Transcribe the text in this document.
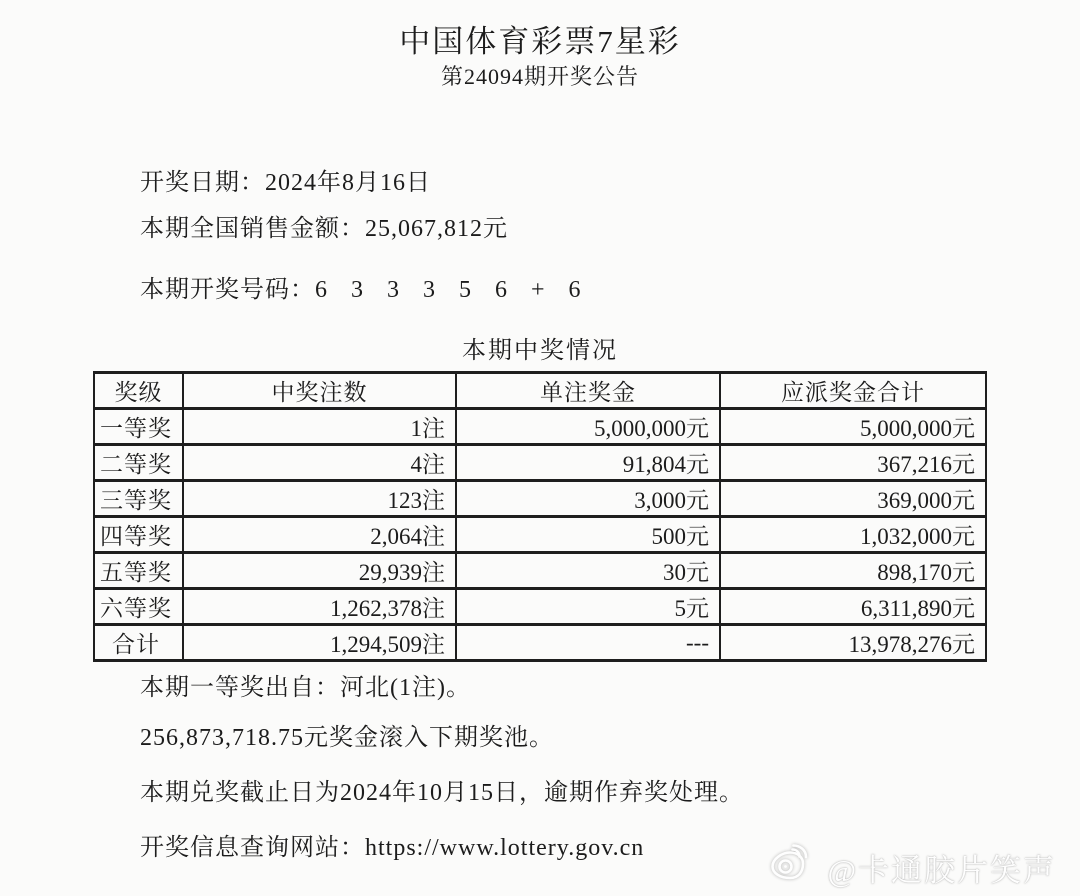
中国体育彩票7星彩
第24094期开奖公告
开奖日期：2024年8月16日
本期全国销售金额：25,067,812元
本期开奖号码：6 3 3 3 5 6 + 6
本期中奖情况
奖级	中奖注数	单注奖金	应派奖金合计
一等奖	1注	5,000,000元	5,000,000元
二等奖	4注	91,804元	367,216元
三等奖	123注	3,000元	369,000元
四等奖	2,064注	500元	1,032,000元
五等奖	29,939注	30元	898,170元
六等奖	1,262,378注	5元	6,311,890元
合计	1,294,509注	---	13,978,276元
本期一等奖出自：河北(1注)。
256,873,718.75元奖金滚入下期奖池。
本期兑奖截止日为2024年10月15日，逾期作弃奖处理。
开奖信息查询网站：https://www.lottery.gov.cn
@卡通胶片笑声
